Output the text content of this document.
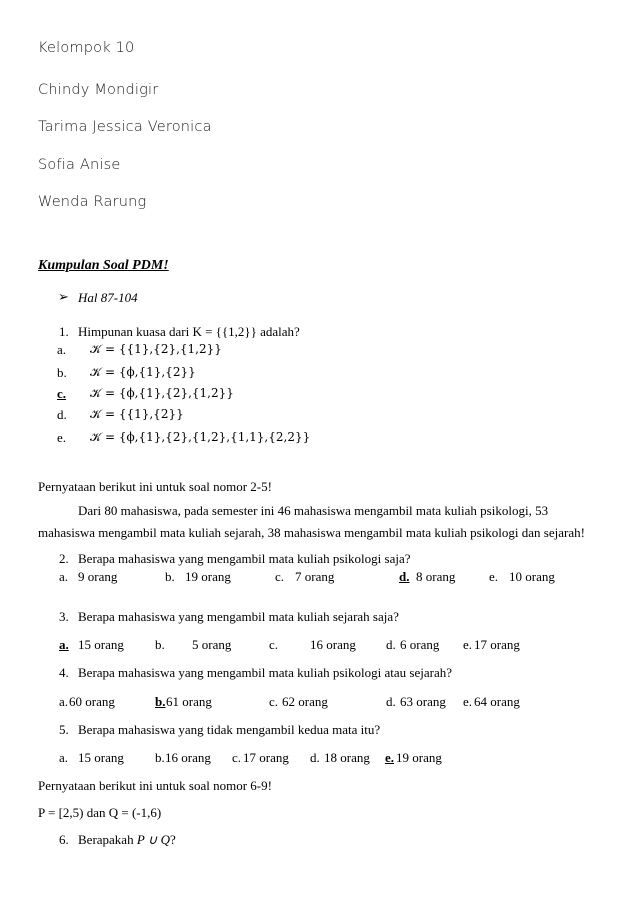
Kelompok 10
Chindy Mondigir
Tarima Jessica Veronica
Sofia Anise
Wenda Rarung
Kumpulan Soal PDM!
➢ Hal 87-104
1. Himpunan kuasa dari K = {{1,2}} adalah?
a. 𝒦 = {{1},{2},{1,2}}
b. 𝒦 = {ϕ,{1},{2}}
c. 𝒦 = {ϕ,{1},{2},{1,2}}
d. 𝒦 = {{1},{2}}
e. 𝒦 = {ϕ,{1},{2},{1,2},{1,1},{2,2}}
Pernyataan berikut ini untuk soal nomor 2-5!
Dari 80 mahasiswa, pada semester ini 46 mahasiswa mengambil mata kuliah psikologi, 53
mahasiswa mengambil mata kuliah sejarah, 38 mahasiswa mengambil mata kuliah psikologi dan sejarah!
2. Berapa mahasiswa yang mengambil mata kuliah psikologi saja?
a. 9 orang	b. 19 orang	c. 7 orang	d. 8 orang	e. 10 orang
3. Berapa mahasiswa yang mengambil mata kuliah sejarah saja?
a. 15 orang b. 5 orang	c. 16 orang d. 6 orang e. 17 orang
4. Berapa mahasiswa yang mengambil mata kuliah psikologi atau sejarah?
a. 60 orang	b. 61 orang	c. 62 orang	d. 63 orang e. 64 orang
5. Berapa mahasiswa yang tidak mengambil kedua mata itu?
a. 15 orang b. 16 orang c. 17 orang d. 18 orang e. 19 orang
Pernyataan berikut ini untuk soal nomor 6-9!
P = [2,5) dan Q = (-1,6)
6. Berapakah P ∪ Q?
